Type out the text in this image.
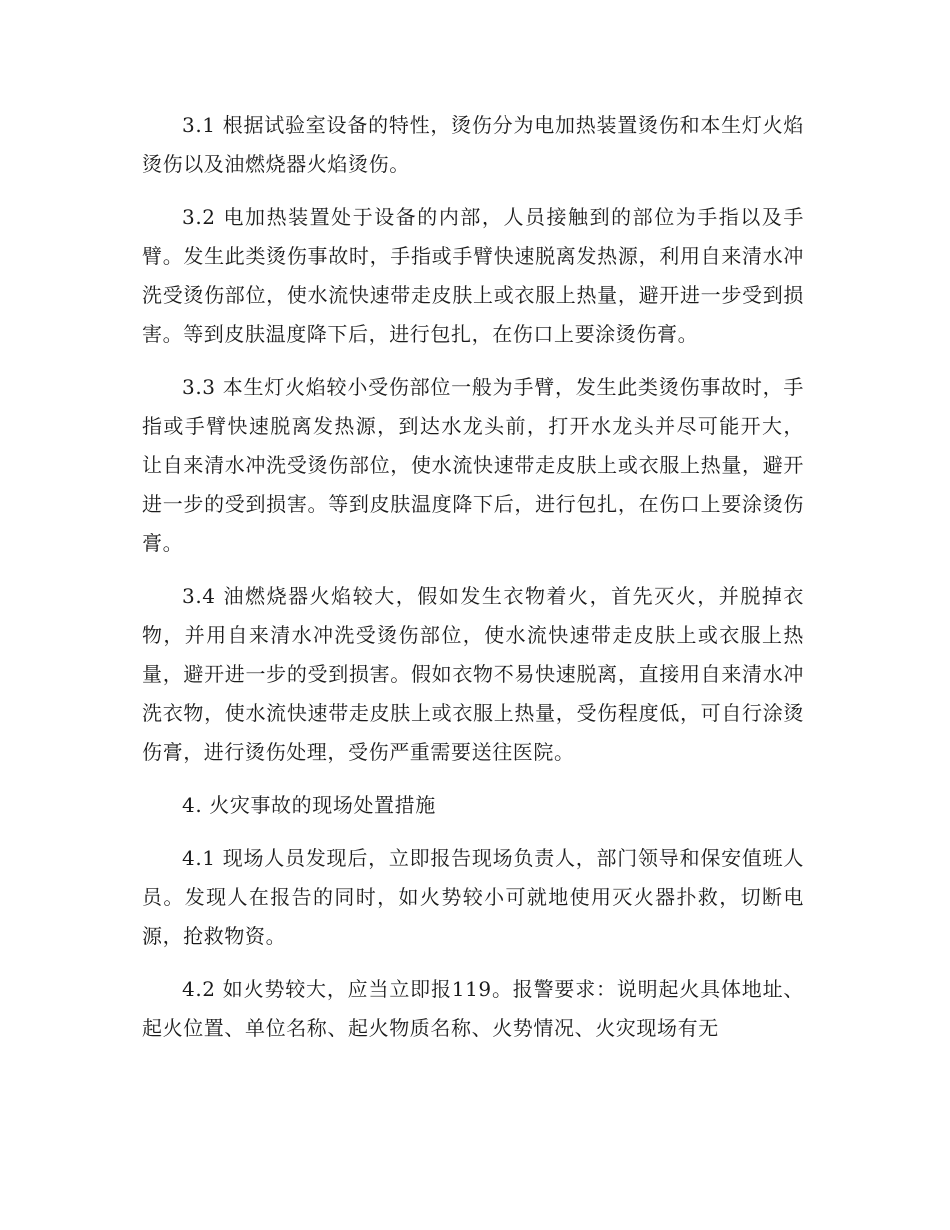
3.1 根据试验室设备的特性，烫伤分为电加热装置烫伤和本生灯火焰烫伤以及油燃烧器火焰烫伤。

3.2 电加热装置处于设备的内部，人员接触到的部位为手指以及手臂。发生此类烫伤事故时，手指或手臂快速脱离发热源，利用自来清水冲洗受烫伤部位，使水流快速带走皮肤上或衣服上热量，避开进一步受到损害。等到皮肤温度降下后，进行包扎，在伤口上要涂烫伤膏。

3.3 本生灯火焰较小受伤部位一般为手臂，发生此类烫伤事故时，手指或手臂快速脱离发热源，到达水龙头前，打开水龙头并尽可能开大， 让自来清水冲洗受烫伤部位，使水流快速带走皮肤上或衣服上热量，避开进一步的受到损害。等到皮肤温度降下后，进行包扎，在伤口上要涂烫伤膏。

3.4 油燃烧器火焰较大，假如发生衣物着火，首先灭火，并脱掉衣物，并用自来清水冲洗受烫伤部位，使水流快速带走皮肤上或衣服上热量，避开进一步的受到损害。假如衣物不易快速脱离，直接用自来清水冲洗衣物，使水流快速带走皮肤上或衣服上热量，受伤程度低，可自行涂烫伤膏，进行烫伤处理，受伤严重需要送往医院。

4. 火灾事故的现场处置措施

4.1 现场人员发现后，立即报告现场负责人，部门领导和保安值班人员。发现人在报告的同时，如火势较小可就地使用灭火器扑救，切断电源，抢救物资。

4.2 如火势较大，应当立即报119。报警要求：说明起火具体地址、起火位置、单位名称、起火物质名称、火势情况、火灾现场有无
